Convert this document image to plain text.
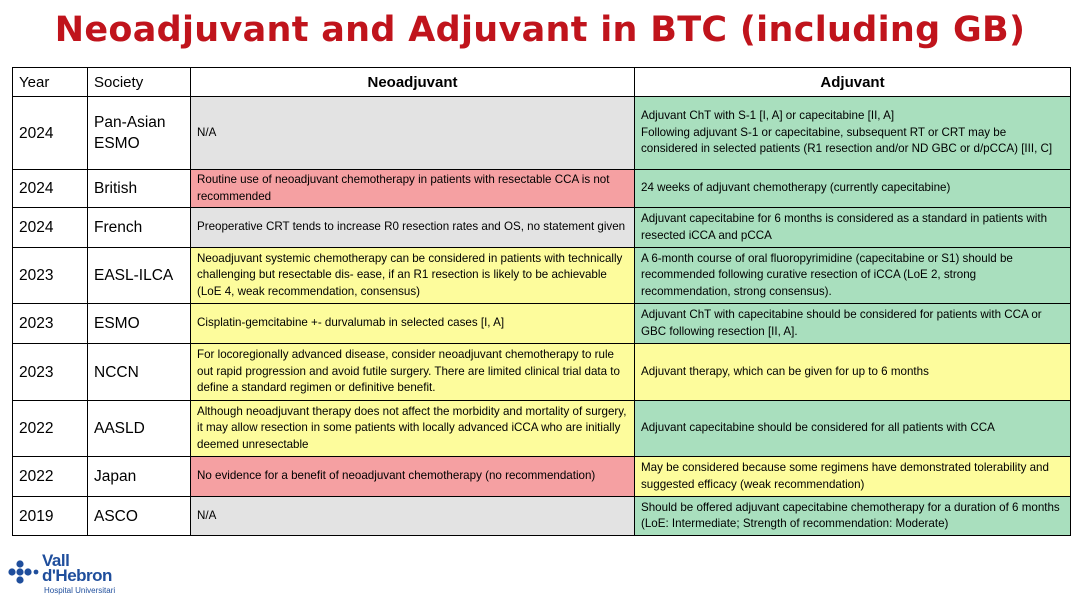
Neoadjuvant and Adjuvant in BTC (including GB)
Year	Society	Neoadjuvant	Adjuvant
2024	Pan-Asian ESMO	N/A	Adjuvant ChT with S-1 [I, A] or capecitabine [II, A]
Following adjuvant S-1 or capecitabine, subsequent RT or CRT may be considered in selected patients (R1 resection and/or ND GBC or d/pCCA) [III, C]
2024	British	Routine use of neoadjuvant chemotherapy in patients with resectable CCA is not recommended	24 weeks of adjuvant chemotherapy (currently capecitabine)
2024	French	Preoperative CRT tends to increase R0 resection rates and OS, no statement given	Adjuvant capecitabine for 6 months is considered as a standard in patients with resected iCCA and pCCA
2023	EASL-ILCA	Neoadjuvant systemic chemotherapy can be considered in patients with technically challenging but resectable dis- ease, if an R1 resection is likely to be achievable (LoE 4, weak recommendation, consensus)	A 6-month course of oral fluoropyrimidine (capecitabine or S1) should be recommended following curative resection of iCCA (LoE 2, strong recommendation, strong consensus).
2023	ESMO	Cisplatin-gemcitabine +- durvalumab in selected cases [I, A]	Adjuvant ChT with capecitabine should be considered for patients with CCA or GBC following resection [II, A].
2023	NCCN	For locoregionally advanced disease, consider neoadjuvant chemotherapy to rule out rapid progression and avoid futile surgery. There are limited clinical trial data to define a standard regimen or definitive benefit.	Adjuvant therapy, which can be given for up to 6 months
2022	AASLD	Although neoadjuvant therapy does not affect the morbidity and mortality of surgery, it may allow resection in some patients with locally advanced iCCA who are initially deemed unresectable	Adjuvant capecitabine should be considered for all patients with CCA
2022	Japan	No evidence for a benefit of neoadjuvant chemotherapy (no recommendation)	May be considered because some regimens have demonstrated tolerability and suggested efficacy (weak recommendation)
2019	ASCO	N/A	Should be offered adjuvant capecitabine chemotherapy for a duration of 6 months (LoE: Intermediate; Strength of recommendation: Moderate)
Vall
d'Hebron
Hospital Universitari
